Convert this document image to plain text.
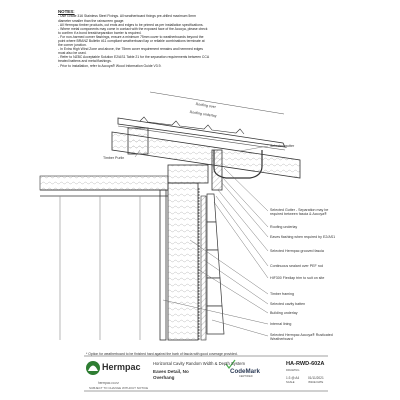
NOTES:
- Use Grade 316 Stainless Steel Fixings. All weatherboard fixings pre-drilled maximum 5mm
diameter smaller than the rainscreen gauge.
- All Hermpac timber products, cut ends and edges to be primed as per installation specifications.
- Where metal components may come in contact with the exposed face of the Accoya, please check
to confirm if a bond break/separation barrier is required.
- For non-harmed corner flashings, ensure a minimum 75mm cover to weatherboards beyond the
point where BRANZ Bulletin #11 compliant weatherboard lap or reliable combinations terminate at
the corner junction.
- In Extra High Wind Zone and above, the 75mm cover requirement remains and hemmed edges
must also be used.
- Refer to NZBC Acceptable Solution E2/AS1 Table 21 for the separation requirements between CCA
treated battens and metal flashings.
- Prior to installation, refer to Accoya® Wood Information Guide V3.9.
Roofing over
Roofing underlay
Timber Purlin
Selected gutter
Selected Gutter - Separation may be required between fascia & Accoya®
Roofing underlay
Eaves flashing when required by E2/AS1
Selected Hermpac grooved fascia
Continuous sealant over PEF rod
HIF300 Flexilap trim to suit on site
Timber framing
Selected cavity batten
Building underlay
Internal lining
Selected Hermpac Accoya® Rusticated Weatherboard
* Option for weatherboard to be finished hard against the barb of fascia with good coverage provided.
Hermpac
hermpac.co.nz
SUBJECT TO CHANGE WITHOUT NOTICE
Horizontal Cavity Random Width & Depth System
Eaves Detail, No
Overhang
CodeMark
CERTIFIED
HA-RWD-602A
DRAWING
1:3 @ A4
SCALE
01/11/2021
ISSUE DATE
